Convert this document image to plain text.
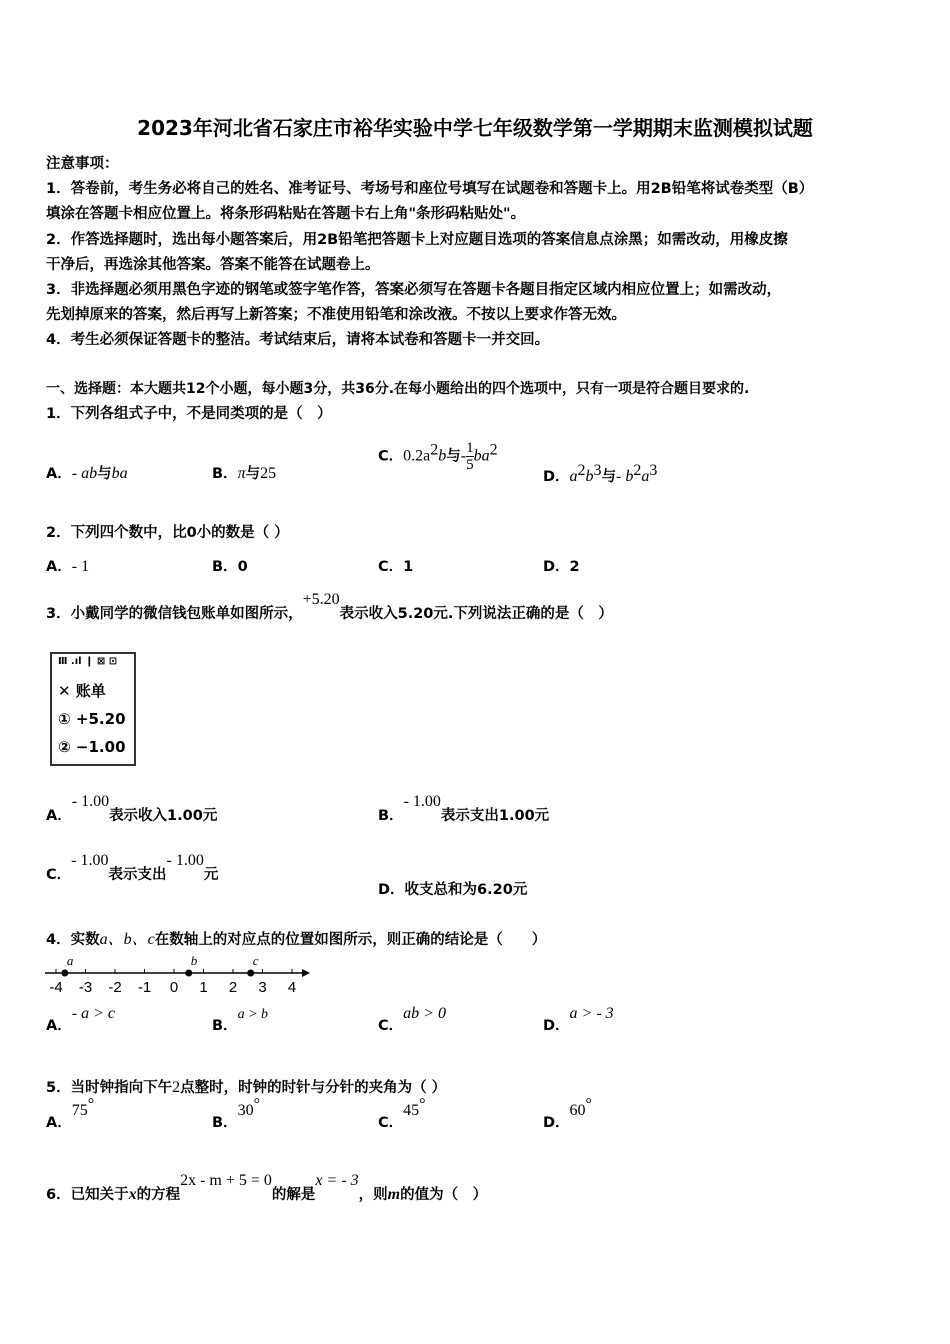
2023年河北省石家庄市裕华实验中学七年级数学第一学期期末监测模拟试题
注意事项：
1．答卷前，考生务必将自己的姓名、准考证号、考场号和座位号填写在试题卷和答题卡上。用2B铅笔将试卷类型（B）
填涂在答题卡相应位置上。将条形码粘贴在答题卡右上角"条形码粘贴处"。
2．作答选择题时，选出每小题答案后，用2B铅笔把答题卡上对应题目选项的答案信息点涂黑；如需改动，用橡皮擦
干净后，再选涂其他答案。答案不能答在试题卷上。
3．非选择题必须用黑色字迹的钢笔或签字笔作答，答案必须写在答题卡各题目指定区域内相应位置上；如需改动，
先划掉原来的答案，然后再写上新答案；不准使用铅笔和涂改液。不按以上要求作答无效。
4．考生必须保证答题卡的整洁。考试结束后，请将本试卷和答题卡一并交回。
一、选择题：本大题共12个小题，每小题3分，共36分.在每小题给出的四个选项中，只有一项是符合题目要求的.
1．下列各组式子中，不是同类项的是（　）
A．- ab与ba	B．π与25
C．$0.2a^2b$与- $\frac{1}{5} ba^2$
D．$a^2b^3$与- $b^2a^3$
2．下列四个数中，比0小的数是（ ）
A．- 1	B．0	C．1	D．2
3．小戴同学的微信钱包账单如图所示，+5.20表示收入5.20元.下列说法正确的是（　）
Ⅲ .ıl ❙ ⊠ ⊡
✕ 账单
① +5.20
② −1.00
A．- 1.00表示收入1.00元	B．- 1.00表示支出1.00元
C．- 1.00表示支出- 1.00元
D．收支总和为6.20元
4．实数a、b、c在数轴上的对应点的位置如图所示，则正确的结论是（　　）
-4 -3 -2 -1 0 1 2 3 4
a	b	c
A．- a > c
B．a > b
C．ab > 0
D．a > - 3
5．当时钟指向下午2点整时，时钟的时针与分针的夹角为（ ）
A．75°
B．30°
C．45°
D．60°
6．已知关于x的方程2x - m + 5 = 0的解是x = - 3，则m的值为（　）
